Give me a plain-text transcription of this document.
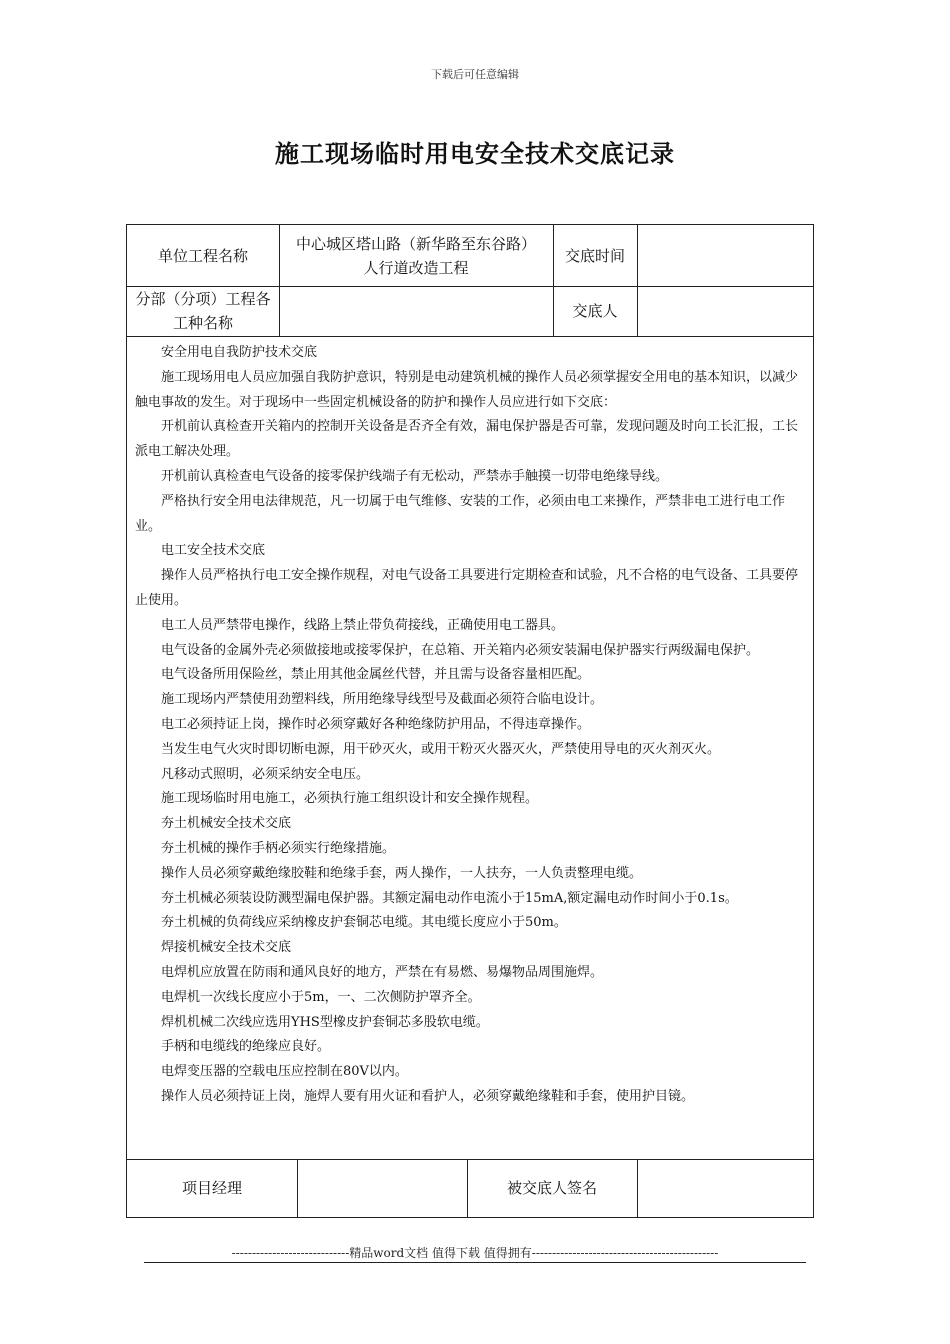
下载后可任意编辑
施工现场临时用电安全技术交底记录
单位工程名称
中心城区塔山路（新华路至东谷路）人行道改造工程
交底时间
分部（分项）工程各工种名称
交底人

安全用电自我防护技术交底

施工现场用电人员应加强自我防护意识，特别是电动建筑机械的操作人员必须掌握安全用电的基本知识，以减少触电事故的发生。对于现场中一些固定机械设备的防护和操作人员应进行如下交底：

开机前认真检查开关箱内的控制开关设备是否齐全有效，漏电保护器是否可靠，发现问题及时向工长汇报，工长派电工解决处理。

开机前认真检查电气设备的接零保护线端子有无松动，严禁赤手触摸一切带电绝缘导线。

严格执行安全用电法律规范，凡一切属于电气维修、安装的工作，必须由电工来操作，严禁非电工进行电工作业。

电工安全技术交底

操作人员严格执行电工安全操作规程，对电气设备工具要进行定期检查和试验，凡不合格的电气设备、工具要停止使用。

电工人员严禁带电操作，线路上禁止带负荷接线，正确使用电工器具。

电气设备的金属外壳必须做接地或接零保护，在总箱、开关箱内必须安装漏电保护器实行两级漏电保护。

电气设备所用保险丝，禁止用其他金属丝代替，并且需与设备容量相匹配。

施工现场内严禁使用劲塑料线，所用绝缘导线型号及截面必须符合临电设计。

电工必须持证上岗，操作时必须穿戴好各种绝缘防护用品，不得违章操作。

当发生电气火灾时即切断电源，用干砂灭火，或用干粉灭火器灭火，严禁使用导电的灭火剂灭火。

凡移动式照明，必须采纳安全电压。

施工现场临时用电施工，必须执行施工组织设计和安全操作规程。

夯土机械安全技术交底

夯土机械的操作手柄必须实行绝缘措施。

操作人员必须穿戴绝缘胶鞋和绝缘手套，两人操作，一人扶夯，一人负责整理电缆。

夯土机械必须装设防溅型漏电保护器。其额定漏电动作电流小于15mA,额定漏电动作时间小于0.1s。

夯土机械的负荷线应采纳橡皮护套铜芯电缆。其电缆长度应小于50m。

焊接机械安全技术交底

电焊机应放置在防雨和通风良好的地方，严禁在有易燃、易爆物品周围施焊。

电焊机一次线长度应小于5m，一、二次侧防护罩齐全。

焊机机械二次线应选用YHS型橡皮护套铜芯多股软电缆。

手柄和电缆线的绝缘应良好。

电焊变压器的空载电压应控制在80V以内。

操作人员必须持证上岗，施焊人要有用火证和看护人，必须穿戴绝缘鞋和手套，使用护目镜。

项目经理	被交底人签名
-----------------------------精品word文档 值得下载 值得拥有----------------------------------------------
